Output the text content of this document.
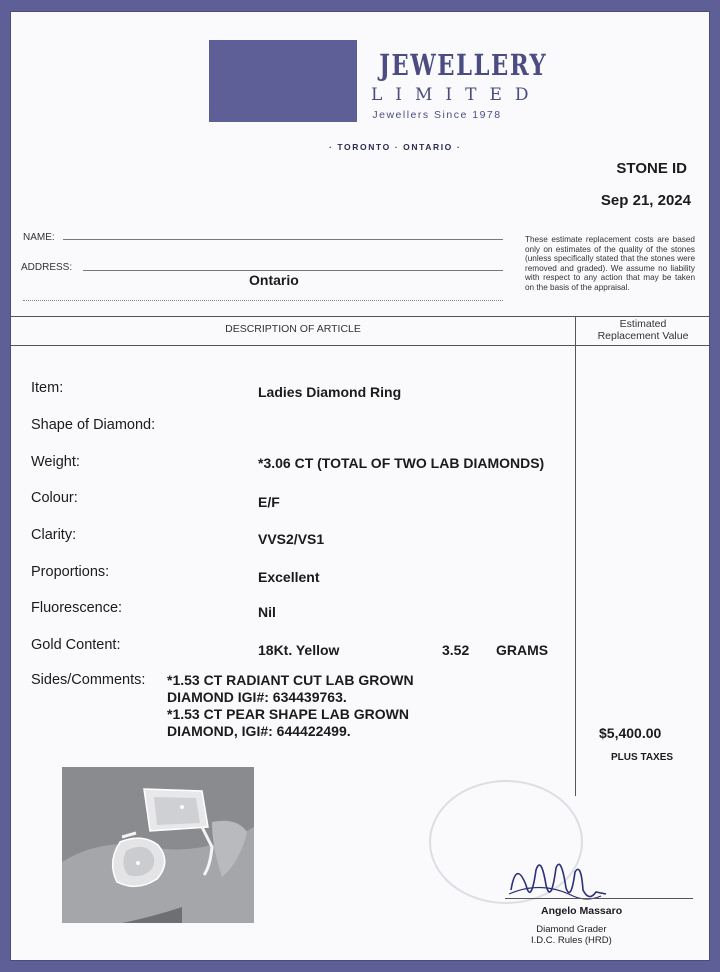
JEWELLERY
LIMITED
Jewellers Since 1978
· TORONTO · ONTARIO ·
STONE ID
Sep 21, 2024
NAME:
ADDRESS:
Ontario
These estimate replacement costs are based only on estimates of the quality of the stones (unless specifically stated that the stones were removed and graded). We assume no liability with respect to any action that may be taken on the basis of the appraisal.
DESCRIPTION OF ARTICLE	Estimated
Replacement Value
Item:	Ladies Diamond Ring
Shape of Diamond:
Weight:	*3.06 CT (TOTAL OF TWO LAB DIAMONDS)
Colour:	E/F
Clarity:	VVS2/VS1
Proportions:	Excellent
Fluorescence:	Nil
Gold Content:	18Kt. Yellow	3.52 GRAMS
Sides/Comments: *1.53 CT RADIANT CUT LAB GROWN
DIAMOND IGI#: 634439763.
*1.53 CT PEAR SHAPE LAB GROWN
DIAMOND, IGI#: 644422499.	$5,400.00
PLUS TAXES
Angelo Massaro
Diamond Grader
I.D.C. Rules (HRD)
